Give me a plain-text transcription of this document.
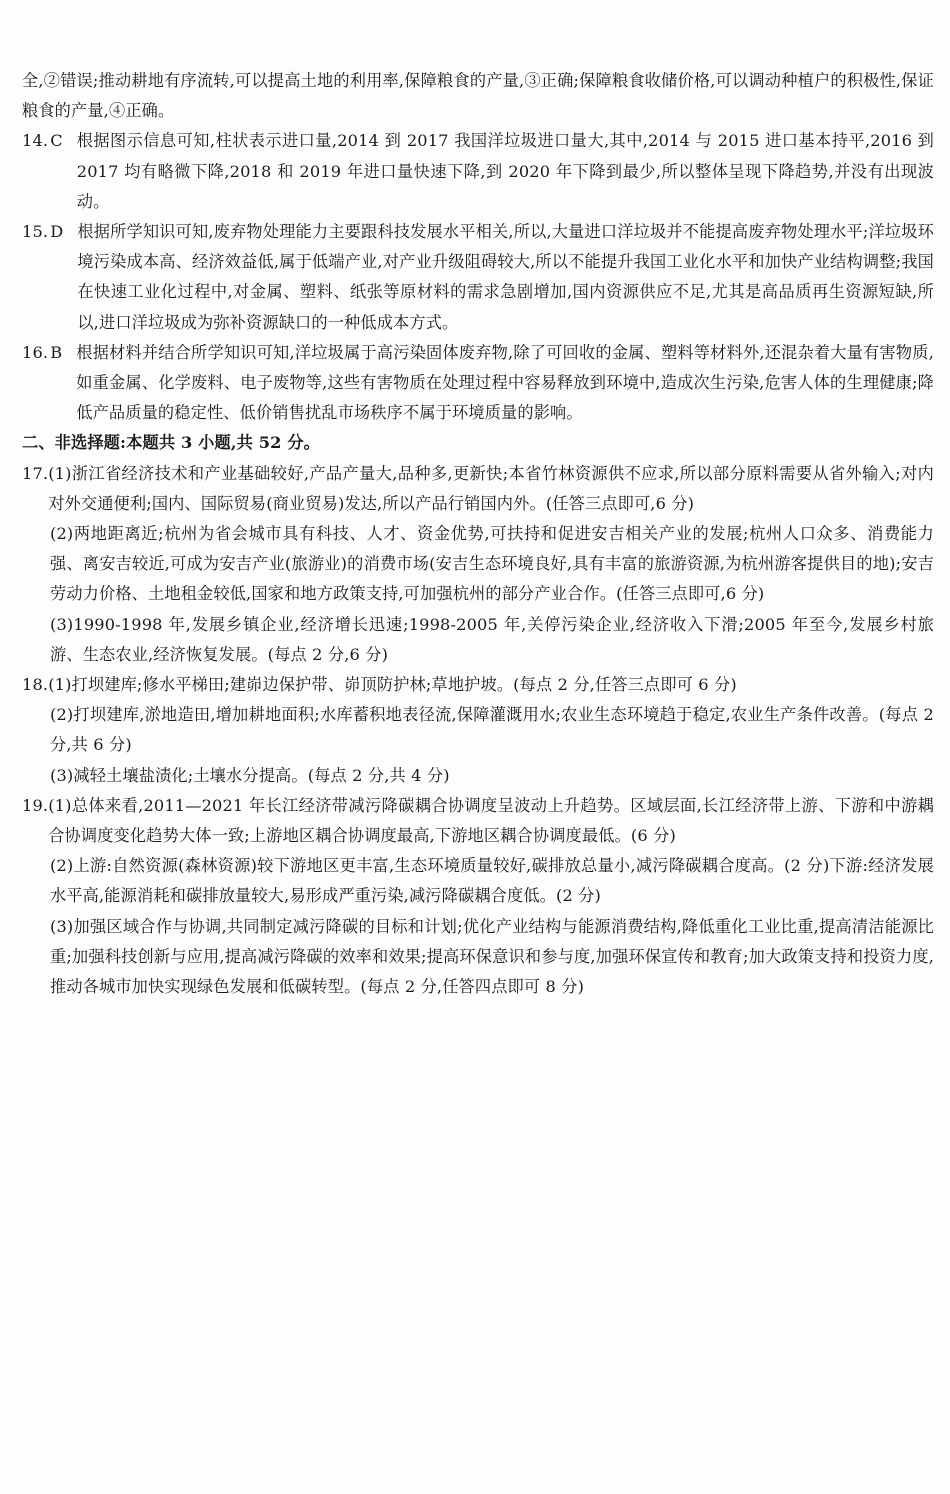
全,②错误;推动耕地有序流转,可以提高土地的利用率,保障粮食的产量,③正确;保障粮食收储价格,可以调动种植户的积极性,保证粮食的产量,④正确。

14. C 根据图示信息可知,柱状表示进口量,2014 到 2017 我国洋垃圾进口量大,其中,2014 与 2015 进口基本持平,2016 到 2017 均有略微下降,2018 和 2019 年进口量快速下降,到 2020 年下降到最少,所以整体呈现下降趋势,并没有出现波动。
15. D 根据所学知识可知,废弃物处理能力主要跟科技发展水平相关,所以,大量进口洋垃圾并不能提高废弃物处理水平;洋垃圾环境污染成本高、经济效益低,属于低端产业,对产业升级阻碍较大,所以不能提升我国工业化水平和加快产业结构调整;我国在快速工业化过程中,对金属、塑料、纸张等原材料的需求急剧增加,国内资源供应不足,尤其是高品质再生资源短缺,所以,进口洋垃圾成为弥补资源缺口的一种低成本方式。
16. B 根据材料并结合所学知识可知,洋垃圾属于高污染固体废弃物,除了可回收的金属、塑料等材料外,还混杂着大量有害物质,如重金属、化学废料、电子废物等,这些有害物质在处理过程中容易释放到环境中,造成次生污染,危害人体的生理健康;降低产品质量的稳定性、低价销售扰乱市场秩序不属于环境质量的影响。

二、非选择题:本题共 3 小题,共 52 分。

17. (1)浙江省经济技术和产业基础较好,产品产量大,品种多,更新快;本省竹林资源供不应求,所以部分原料需要从省外输入;对内对外交通便利;国内、国际贸易(商业贸易)发达,所以产品行销国内外。(任答三点即可,6 分)

(2)两地距离近;杭州为省会城市具有科技、人才、资金优势,可扶持和促进安吉相关产业的发展;杭州人口众多、消费能力强、离安吉较近,可成为安吉产业(旅游业)的消费市场(安吉生态环境良好,具有丰富的旅游资源,为杭州游客提供目的地);安吉劳动力价格、土地租金较低,国家和地方政策支持,可加强杭州的部分产业合作。(任答三点即可,6 分)

(3)1990-1998 年,发展乡镇企业,经济增长迅速;1998-2005 年,关停污染企业,经济收入下滑;2005 年至今,发展乡村旅游、生态农业,经济恢复发展。(每点 2 分,6 分)

18. (1)打坝建库;修水平梯田;建峁边保护带、峁顶防护林;草地护坡。(每点 2 分,任答三点即可 6 分)

(2)打坝建库,淤地造田,增加耕地面积;水库蓄积地表径流,保障灌溉用水;农业生态环境趋于稳定,农业生产条件改善。(每点 2 分,共 6 分)

(3)减轻土壤盐渍化;土壤水分提高。(每点 2 分,共 4 分)

19. (1)总体来看,2011—2021 年长江经济带减污降碳耦合协调度呈波动上升趋势。区域层面,长江经济带上游、下游和中游耦合协调度变化趋势大体一致;上游地区耦合协调度最高,下游地区耦合协调度最低。(6 分)

(2)上游:自然资源(森林资源)较下游地区更丰富,生态环境质量较好,碳排放总量小,减污降碳耦合度高。(2 分)下游:经济发展水平高,能源消耗和碳排放量较大,易形成严重污染,减污降碳耦合度低。(2 分)

(3)加强区域合作与协调,共同制定减污降碳的目标和计划;优化产业结构与能源消费结构,降低重化工业比重,提高清洁能源比重;加强科技创新与应用,提高减污降碳的效率和效果;提高环保意识和参与度,加强环保宣传和教育;加大政策支持和投资力度,推动各城市加快实现绿色发展和低碳转型。(每点 2 分,任答四点即可 8 分)
